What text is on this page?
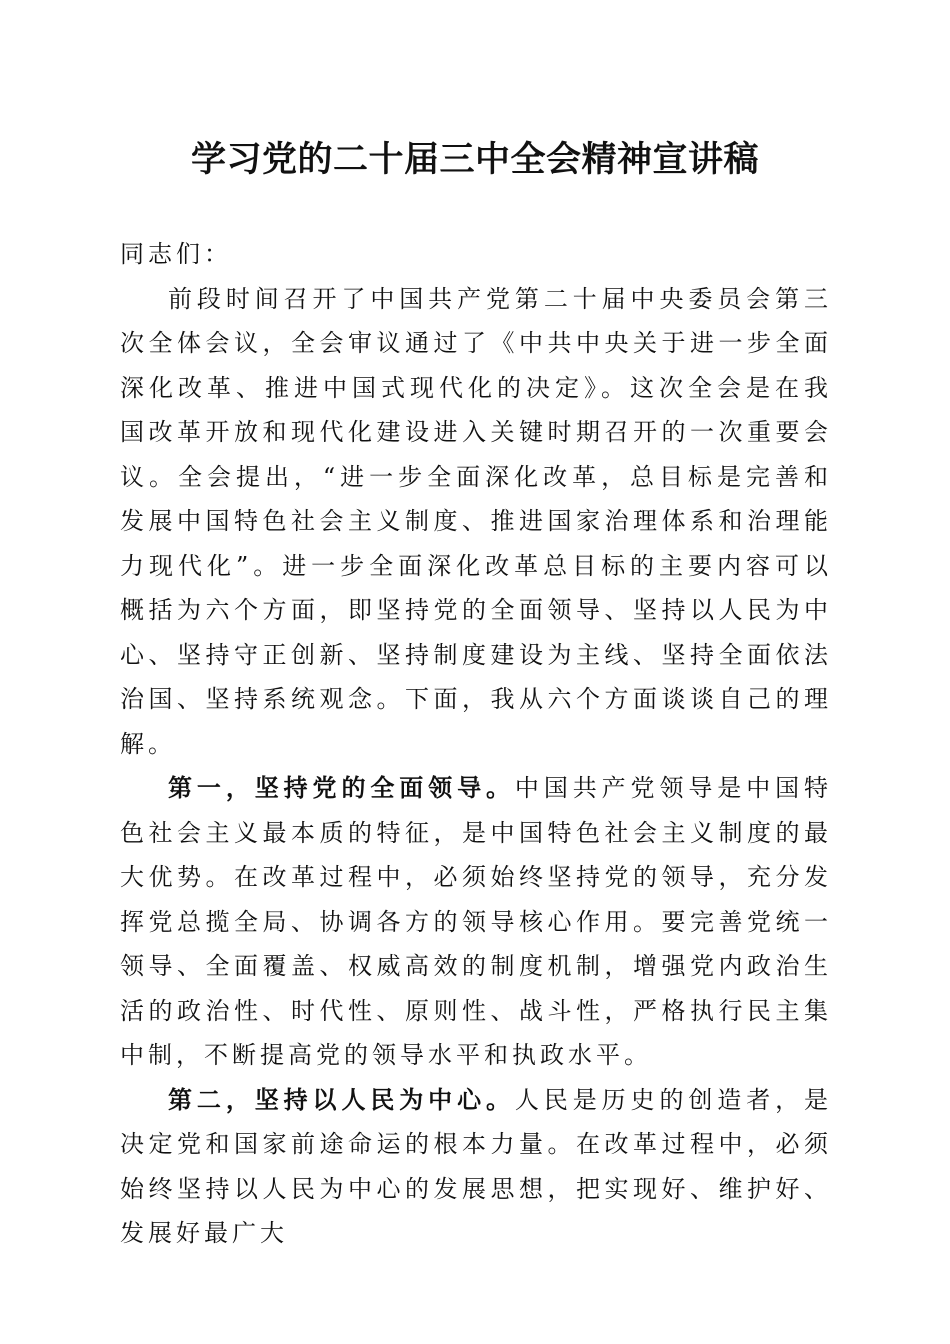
学习党的二十届三中全会精神宣讲稿

同志们：

前段时间召开了中国共产党第二十届中央委员会第三次全体会议，全会审议通过了《中共中央关于进一步全面深化改革、推进中国式现代化的决定》。这次全会是在我国改革开放和现代化建设进入关键时期召开的一次重要会议。全会提出，“进一步全面深化改革，总目标是完善和发展中国特色社会主义制度、推进国家治理体系和治理能力现代化”。进一步全面深化改革总目标的主要内容可以概括为六个方面，即坚持党的全面领导、坚持以人民为中心、坚持守正创新、坚持制度建设为主线、坚持全面依法治国、坚持系统观念。下面，我从六个方面谈谈自己的理解。

第一，坚持党的全面领导。中国共产党领导是中国特色社会主义最本质的特征，是中国特色社会主义制度的最大优势。在改革过程中，必须始终坚持党的领导，充分发挥党总揽全局、协调各方的领导核心作用。要完善党统一领导、全面覆盖、权威高效的制度机制，增强党内政治生活的政治性、时代性、原则性、战斗性，严格执行民主集中制，不断提高党的领导水平和执政水平。

第二，坚持以人民为中心。人民是历史的创造者，是决定党和国家前途命运的根本力量。在改革过程中，必须始终坚持以人民为中心的发展思想，把实现好、维护好、发展好最广大
